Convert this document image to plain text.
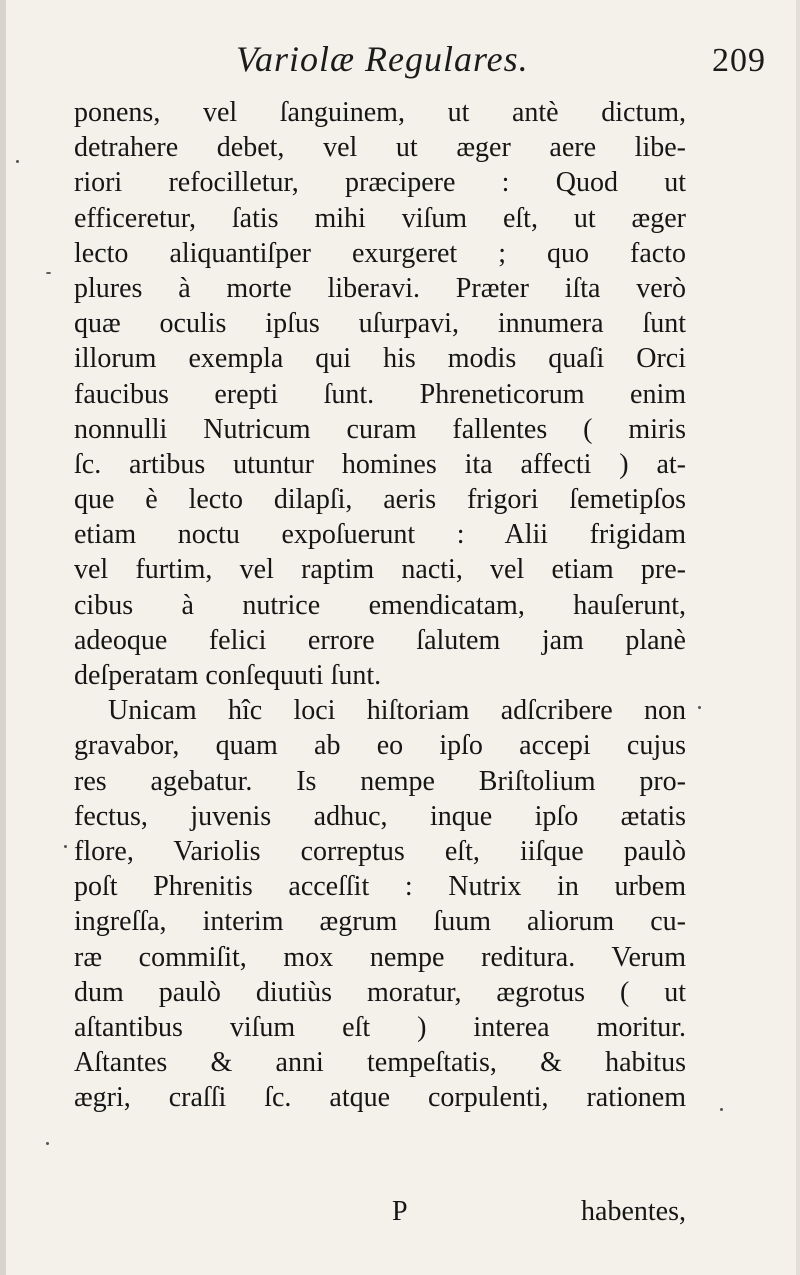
Variolæ Regulares.	209
ponens, vel ſanguinem, ut antè dictum,
detrahere debet, vel ut æger aere libe-
riori refocilletur, præcipere : Quod ut
efficeretur, ſatis mihi viſum eſt, ut æger
lecto aliquantiſper exurgeret ; quo facto
plures à morte liberavi. Præter iſta verò
quæ oculis ipſus uſurpavi, innumera ſunt
illorum exempla qui his modis quaſi Orci
faucibus erepti ſunt. Phreneticorum enim
nonnulli Nutricum curam fallentes ( miris
ſc. artibus utuntur homines ita affecti ) at-
que è lecto dilapſi, aeris frigori ſemetipſos
etiam noctu expoſuerunt : Alii frigidam
vel furtim, vel raptim nacti, vel etiam pre-
cibus à nutrice emendicatam, hauſerunt,
adeoque felici errore ſalutem jam planè
deſperatam conſequuti ſunt.
Unicam hîc loci hiſtoriam adſcribere non
gravabor, quam ab eo ipſo accepi cujus
res agebatur. Is nempe Briſtolium pro-
fectus, juvenis adhuc, inque ipſo ætatis
flore, Variolis correptus eſt, iiſque paulò
poſt Phrenitis acceſſit : Nutrix in urbem
ingreſſa, interim ægrum ſuum aliorum cu-
ræ commiſit, mox nempe reditura. Verum
dum paulò diutiùs moratur, ægrotus ( ut
aſtantibus viſum eſt ) interea moritur.
Aſtantes & anni tempeſtatis, & habitus
ægri, craſſi ſc. atque corpulenti, rationem
P	habentes,
